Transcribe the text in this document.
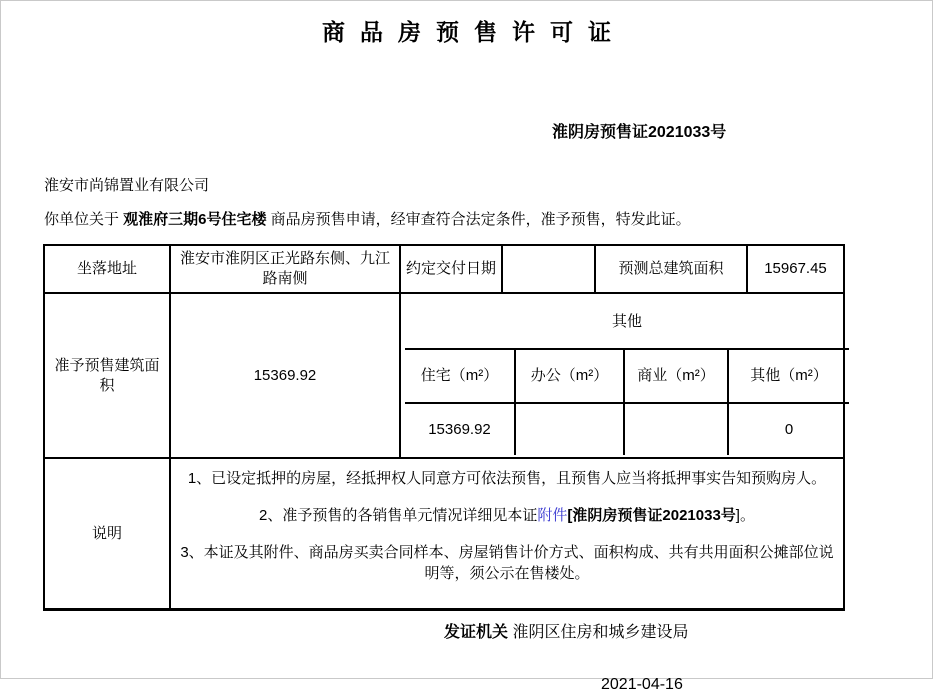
商品房预售许可证
淮阴房预售证2021033号
淮安市尚锦置业有限公司
你单位关于 观淮府三期6号住宅楼 商品房预售申请，经审查符合法定条件，准予预售，特发此证。
坐落地址	淮安市淮阴区正光路东侧、九江路南侧	约定交付日期		预测总建筑面积	15967.45
准予预售建筑面积	15369.92	
其他
住宅（m²）	办公（m²）	商业（m²）	其他（m²）
15369.92			0

说明	

1、已设定抵押的房屋，经抵押权人同意方可依法预售，且预售人应当将抵押事实告知预购房人。

2、准予预售的各销售单元情况详细见本证附件[淮阴房预售证2021033号]。

3、本证及其附件、商品房买卖合同样本、房屋销售计价方式、面积构成、共有共用面积公摊部位说明等，须公示在售楼处。

发证机关 淮阴区住房和城乡建设局
2021-04-16
